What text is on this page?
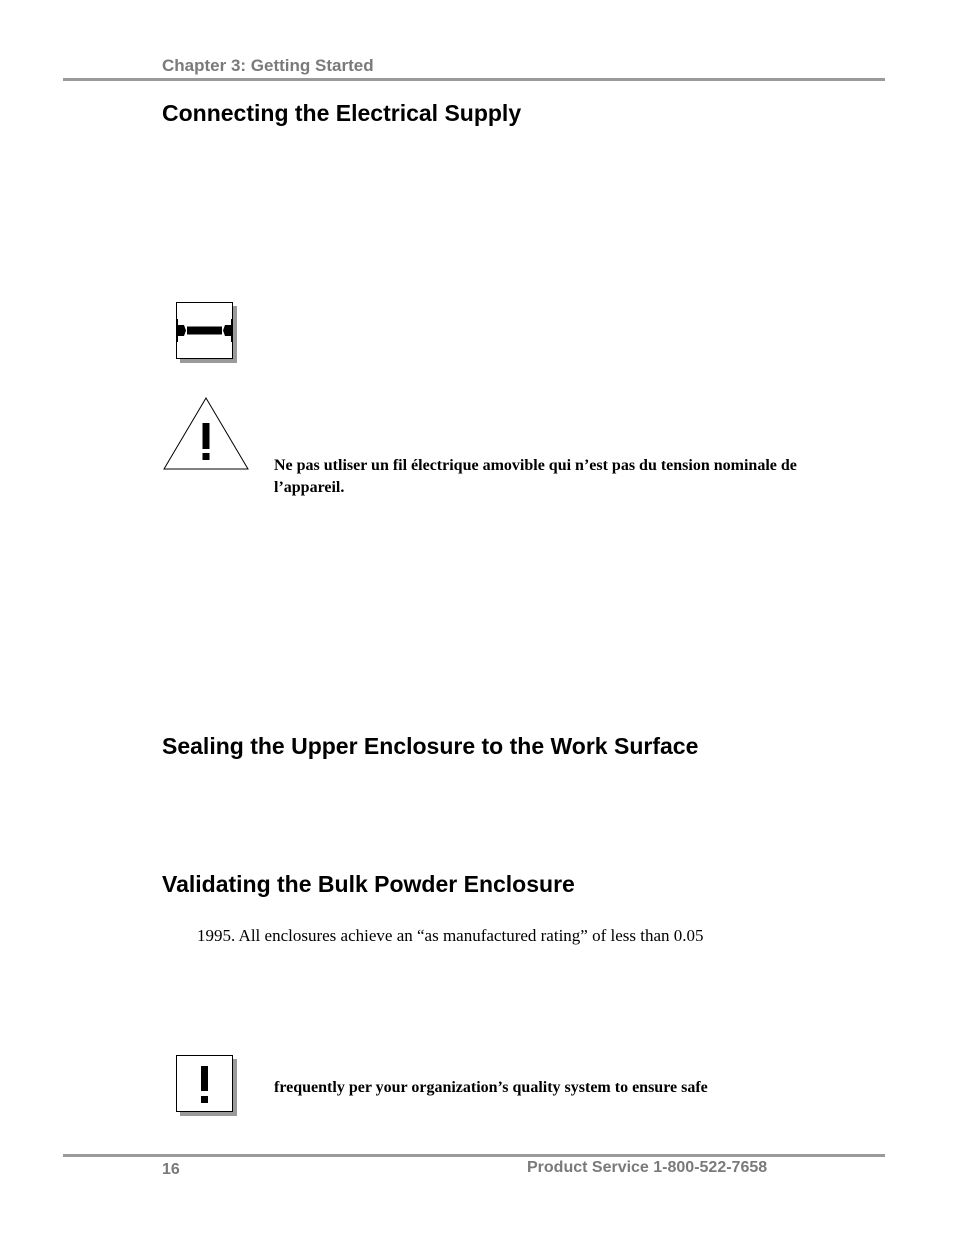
Chapter 3: Getting Started
Connecting the Electrical Supply
Ne pas utliser un fil électrique amovible qui n’est pas du tension nominale de l’appareil.
Sealing the Upper Enclosure to the Work Surface
Validating the Bulk Powder Enclosure
1995. All enclosures achieve an “as manufactured rating” of less than 0.05
frequently per your organization’s quality system to ensure safe
16	Product Service 1-800-522-7658
